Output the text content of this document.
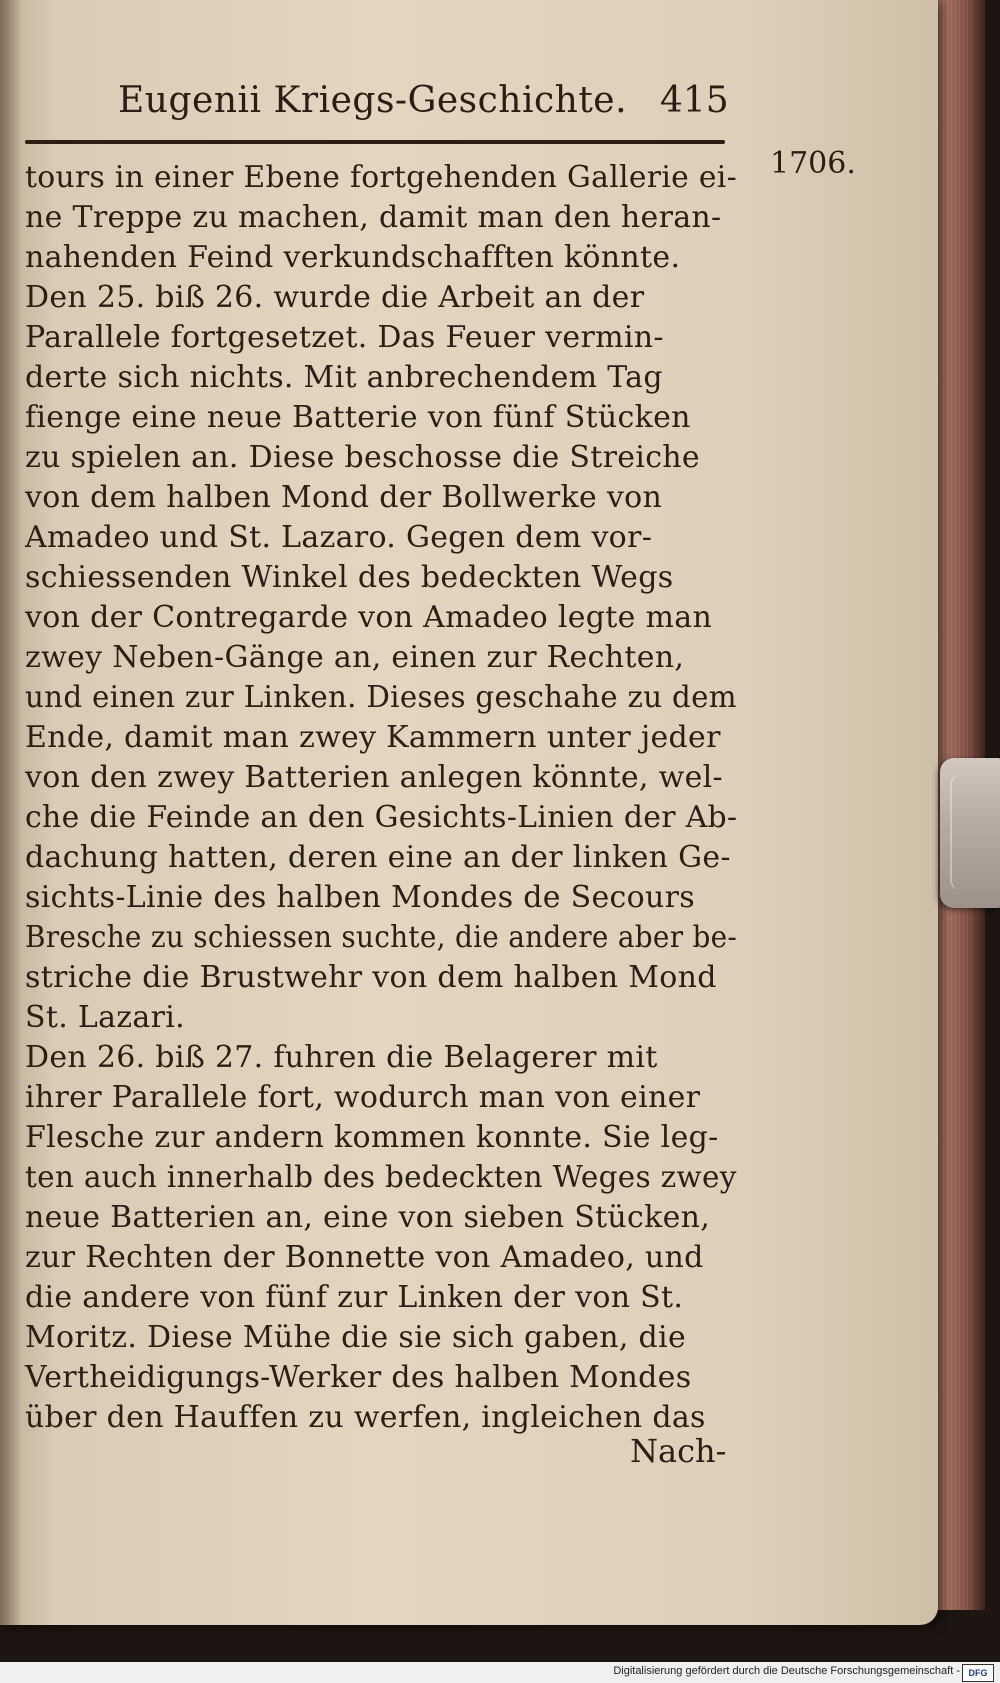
Eugenii Kriegs-Geschichte. 415
1706.
tours in einer Ebene fortgehenden Gallerie ei-
ne Treppe zu machen, damit man den heran-
nahenden Feind verkundschafften könnte.
Den 25. biß 26. wurde die Arbeit an der
Parallele fortgesetzet. Das Feuer vermin-
derte sich nichts. Mit anbrechendem Tag
fienge eine neue Batterie von fünf Stücken
zu spielen an. Diese beschosse die Streiche
von dem halben Mond der Bollwerke von
Amadeo und St. Lazaro. Gegen dem vor-
schiessenden Winkel des bedeckten Wegs
von der Contregarde von Amadeo legte man
zwey Neben-Gänge an, einen zur Rechten,
und einen zur Linken. Dieses geschahe zu dem
Ende, damit man zwey Kammern unter jeder
von den zwey Batterien anlegen könnte, wel-
che die Feinde an den Gesichts-Linien der Ab-
dachung hatten, deren eine an der linken Ge-
sichts-Linie des halben Mondes de Secours
Bresche zu schiessen suchte, die andere aber be-
striche die Brustwehr von dem halben Mond
St. Lazari.
Den 26. biß 27. fuhren die Belagerer mit
ihrer Parallele fort, wodurch man von einer
Flesche zur andern kommen konnte. Sie leg-
ten auch innerhalb des bedeckten Weges zwey
neue Batterien an, eine von sieben Stücken,
zur Rechten der Bonnette von Amadeo, und
die andere von fünf zur Linken der von St.
Moritz. Diese Mühe die sie sich gaben, die
Vertheidigungs-Werker des halben Mondes
über den Hauffen zu werfen, ingleichen das
Nach-
Digitalisierung gefördert durch die Deutsche Forschungsgemeinschaft - DFG
